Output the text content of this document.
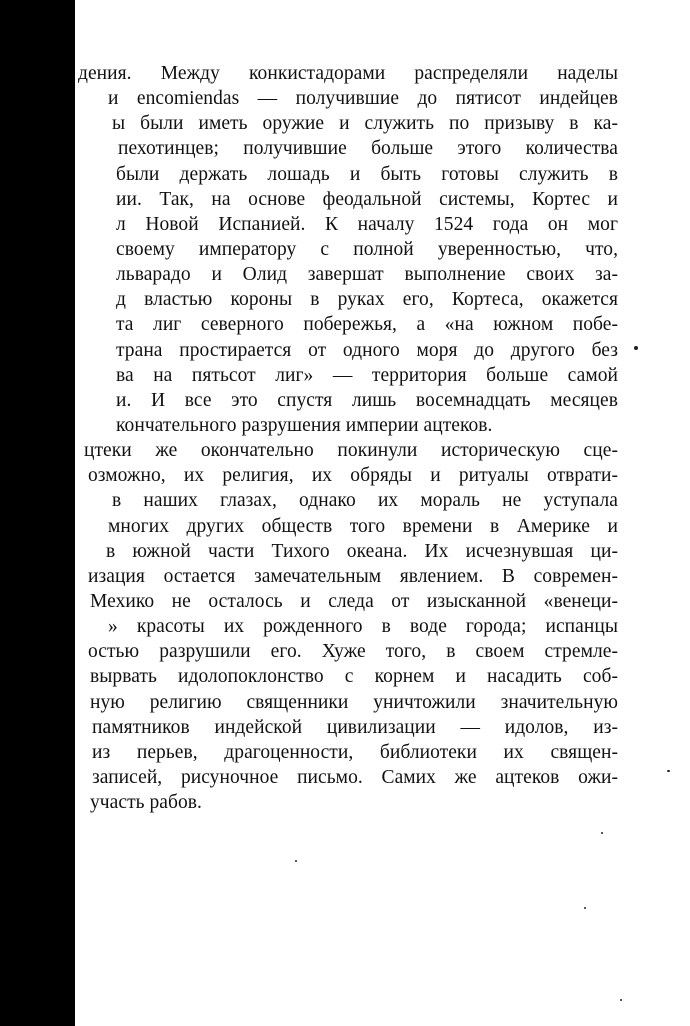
дения. Между конкистадорами распределяли наделы
и encomiendas — получившие до пятисот индейцев
ы были иметь оружие и служить по призыву в ка-
пехотинцев; получившие больше этого количества
были держать лошадь и быть готовы служить в
ии. Так, на основе феодальной системы, Кортес и
л Новой Испанией. К началу 1524 года он мог
своему императору с полной уверенностью, что,
льварадо и Олид завершат выполнение своих за-
д властью короны в руках его, Кортеса, окажется
та лиг северного побережья, а «на южном побе-
трана простирается от одного моря до другого без
ва на пятьсот лиг» — территория больше самой
и. И все это спустя лишь восемнадцать месяцев
кончательного разрушения империи ацтеков.
цтеки же окончательно покинули историческую сце-
озможно, их религия, их обряды и ритуалы отврати-
в наших глазах, однако их мораль не уступала
многих других обществ того времени в Америке и
в южной части Тихого океана. Их исчезнувшая ци-
изация остается замечательным явлением. В современ-
Мехико не осталось и следа от изысканной «венеци-
» красоты их рожденного в воде города; испанцы
остью разрушили его. Хуже того, в своем стремле-
вырвать идолопоклонство с корнем и насадить соб-
ную религию священники уничтожили значительную
памятников индейской цивилизации — идолов, из-
из перьев, драгоценности, библиотеки их священ-
записей, рисуночное письмо. Самих же ацтеков ожи-
участь рабов.
